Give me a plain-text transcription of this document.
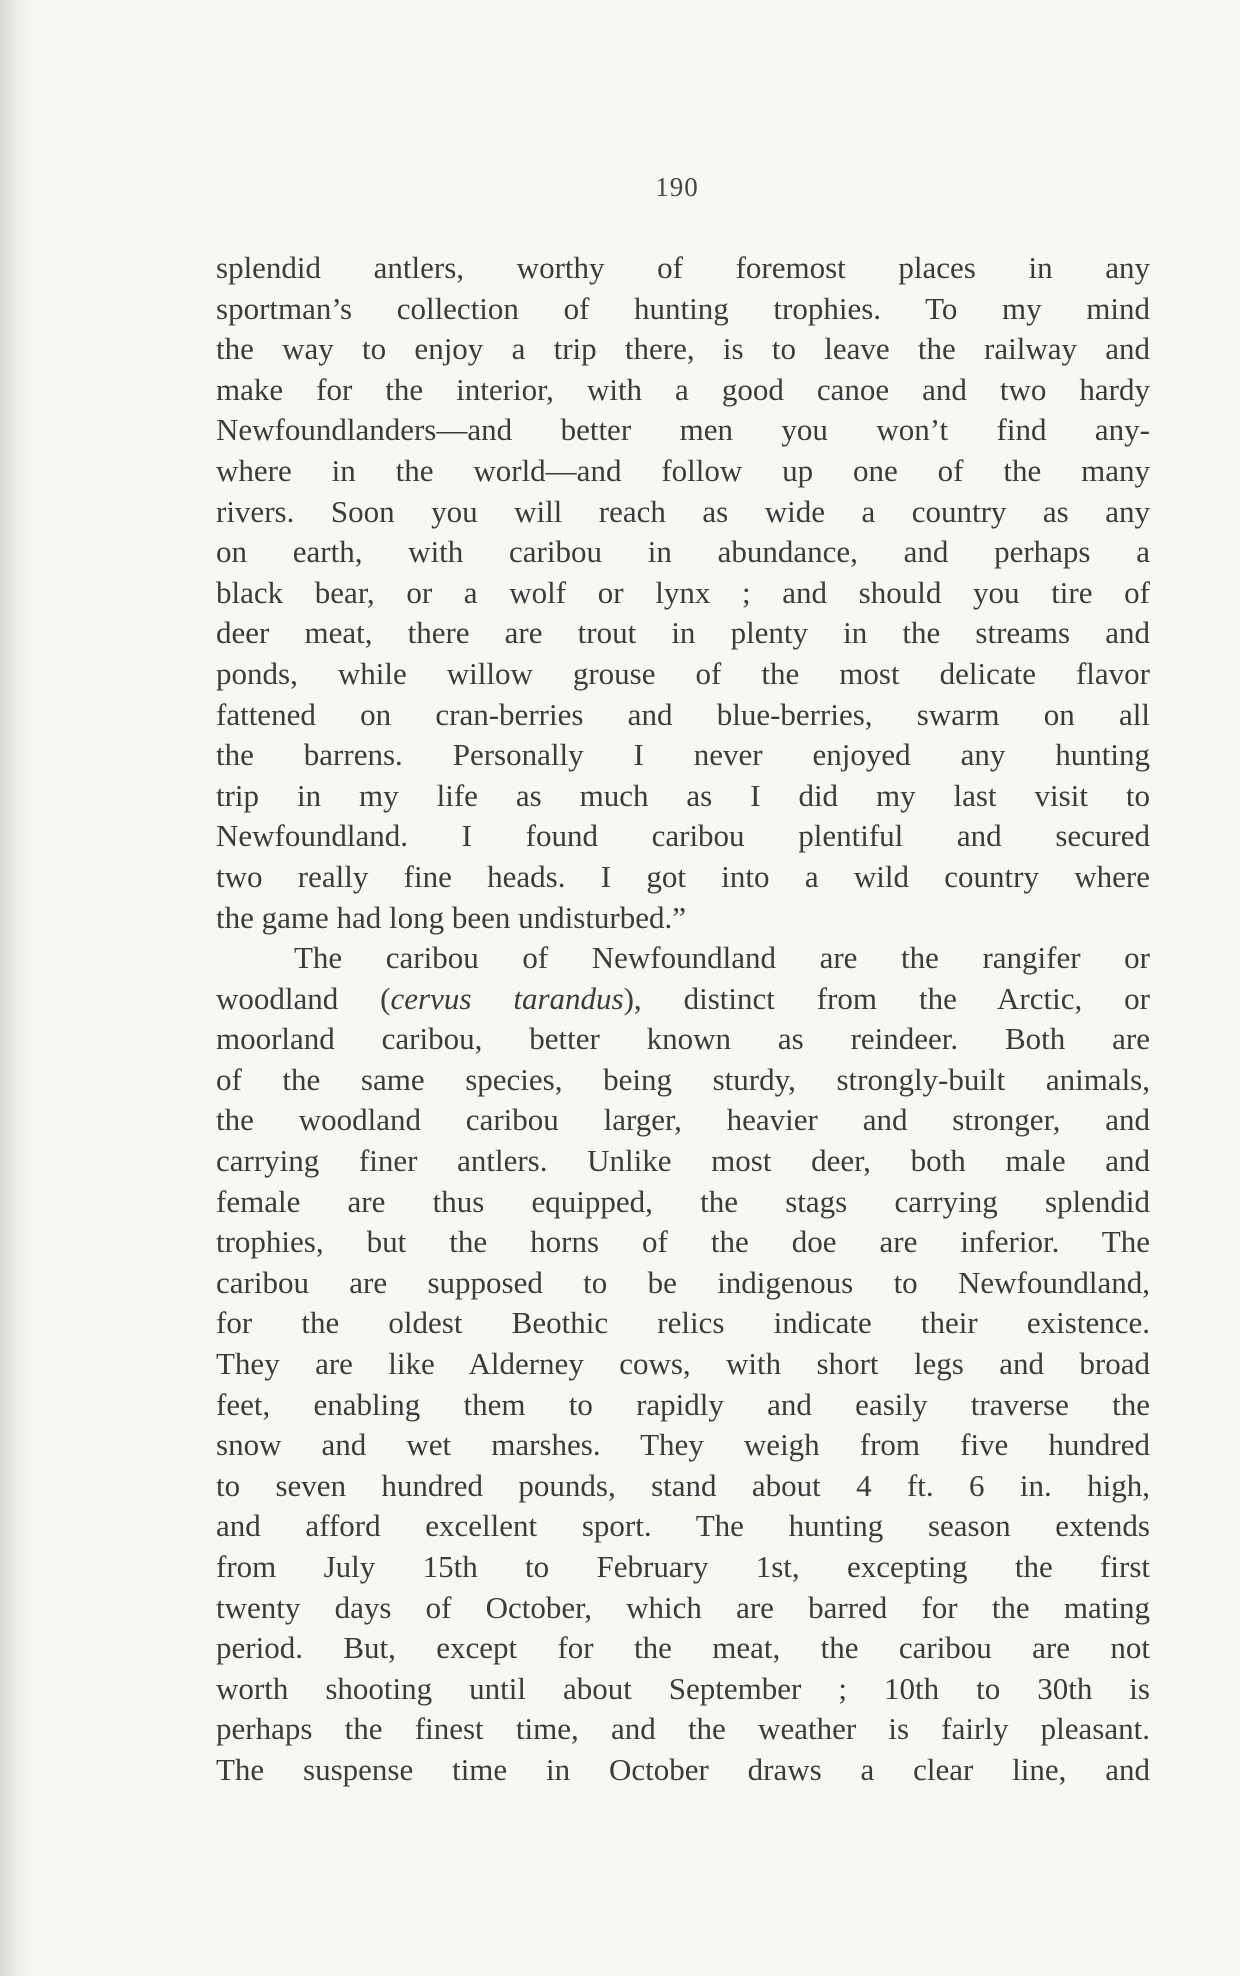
190
splendid antlers, worthy of foremost places in any
sportman’s collection of hunting trophies. To my mind
the way to enjoy a trip there, is to leave the railway and
make for the interior, with a good canoe and two hardy
Newfoundlanders—and better men you won’t find any-
where in the world—and follow up one of the many
rivers. Soon you will reach as wide a country as any
on earth, with caribou in abundance, and perhaps a
black bear, or a wolf or lynx ; and should you tire of
deer meat, there are trout in plenty in the streams and
ponds, while willow grouse of the most delicate flavor
fattened on cran-berries and blue-berries, swarm on all
the barrens. Personally I never enjoyed any hunting
trip in my life as much as I did my last visit to
Newfoundland. I found caribou plentiful and secured
two really fine heads. I got into a wild country where
the game had long been undisturbed.”
The caribou of Newfoundland are the rangifer or
woodland (cervus tarandus), distinct from the Arctic, or
moorland caribou, better known as reindeer. Both are
of the same species, being sturdy, strongly-built animals,
the woodland caribou larger, heavier and stronger, and
carrying finer antlers. Unlike most deer, both male and
female are thus equipped, the stags carrying splendid
trophies, but the horns of the doe are inferior. The
caribou are supposed to be indigenous to Newfoundland,
for the oldest Beothic relics indicate their existence.
They are like Alderney cows, with short legs and broad
feet, enabling them to rapidly and easily traverse the
snow and wet marshes. They weigh from five hundred
to seven hundred pounds, stand about 4 ft. 6 in. high,
and afford excellent sport. The hunting season extends
from July 15th to February 1st, excepting the first
twenty days of October, which are barred for the mating
period. But, except for the meat, the caribou are not
worth shooting until about September ; 10th to 30th is
perhaps the finest time, and the weather is fairly pleasant.
The suspense time in October draws a clear line, and
